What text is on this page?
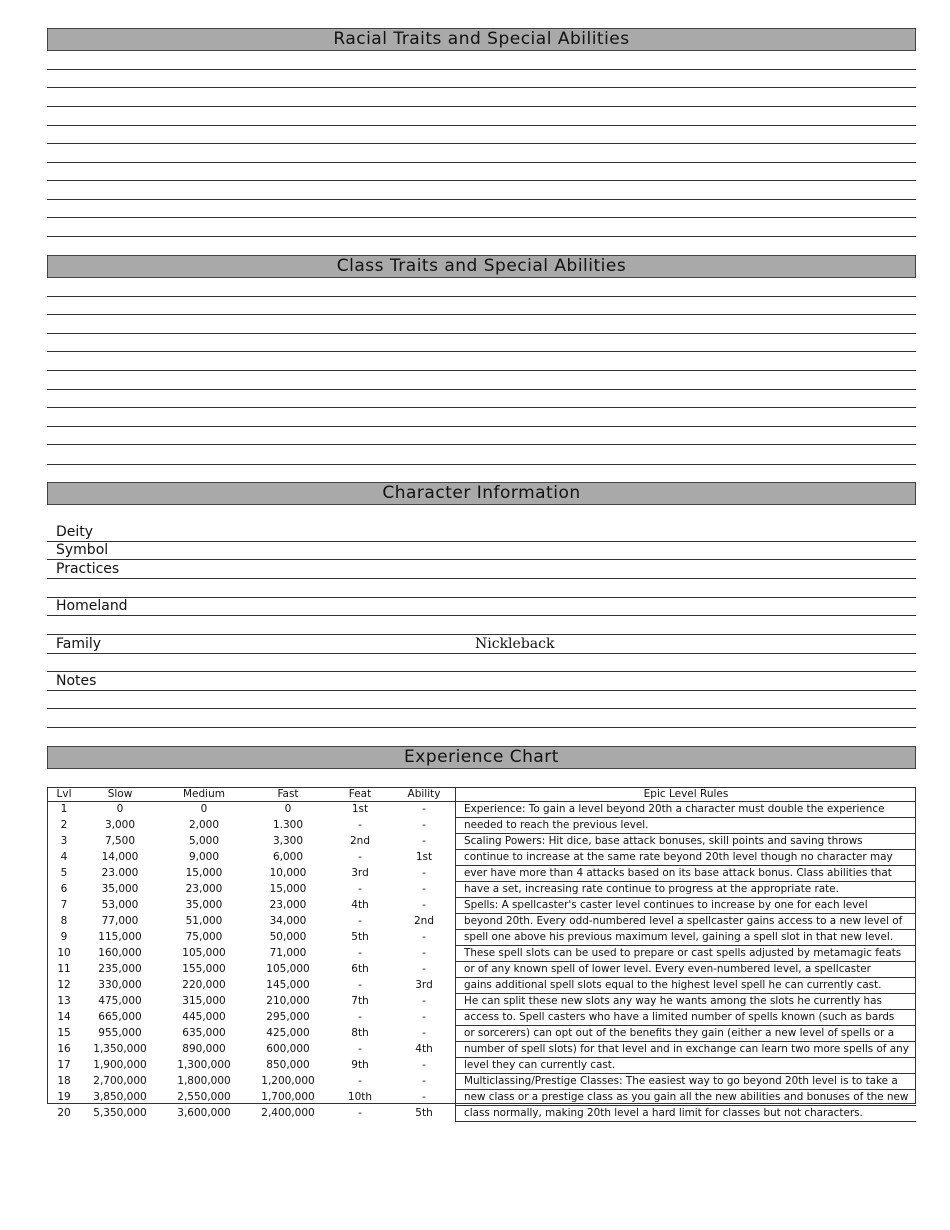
Racial Traits and Special Abilities
Class Traits and Special Abilities
Character Information
Deity
Symbol
Practices
Homeland
Family	Nickleback
Notes
Experience Chart
Lvl	Slow	Medium	Fast	Feat	Ability	Epic Level Rules
1	0	0	0	1st	-	Experience: To gain a level beyond 20th a character must double the experience
2	3,000	2,000	1.300	-	-	needed to reach the previous level.
3	7,500	5,000	3,300	2nd	-	Scaling Powers: Hit dice, base attack bonuses, skill points and saving throws
4	14,000	9,000	6,000	-	1st	continue to increase at the same rate beyond 20th level though no character may
5	23.000	15,000	10,000	3rd	-	ever have more than 4 attacks based on its base attack bonus. Class abilities that
6	35,000	23,000	15,000	-	-	have a set, increasing rate continue to progress at the appropriate rate.
7	53,000	35,000	23,000	4th	-	Spells: A spellcaster's caster level continues to increase by one for each level
8	77,000	51,000	34,000	-	2nd	beyond 20th. Every odd-numbered level a spellcaster gains access to a new level of
9	115,000	75,000	50,000	5th	-	spell one above his previous maximum level, gaining a spell slot in that new level.
10	160,000	105,000	71,000	-	-	These spell slots can be used to prepare or cast spells adjusted by metamagic feats
11	235,000	155,000	105,000	6th	-	or of any known spell of lower level. Every even-numbered level, a spellcaster
12	330,000	220,000	145,000	-	3rd	gains additional spell slots equal to the highest level spell he can currently cast.
13	475,000	315,000	210,000	7th	-	He can split these new slots any way he wants among the slots he currently has
14	665,000	445,000	295,000	-	-	access to. Spell casters who have a limited number of spells known (such as bards
15	955,000	635,000	425,000	8th	-	or sorcerers) can opt out of the benefits they gain (either a new level of spells or a
16	1,350,000	890,000	600,000	-	4th	number of spell slots) for that level and in exchange can learn two more spells of any
17	1,900,000	1,300,000	850,000	9th	-	level they can currently cast.
18	2,700,000	1,800,000	1,200,000	-	-	Multiclassing/Prestige Classes: The easiest way to go beyond 20th level is to take a
19	3,850,000	2,550,000	1,700,000	10th	-	new class or a prestige class as you gain all the new abilities and bonuses of the new
20	5,350,000	3,600,000	2,400,000	-	5th	class normally, making 20th level a hard limit for classes but not characters.
